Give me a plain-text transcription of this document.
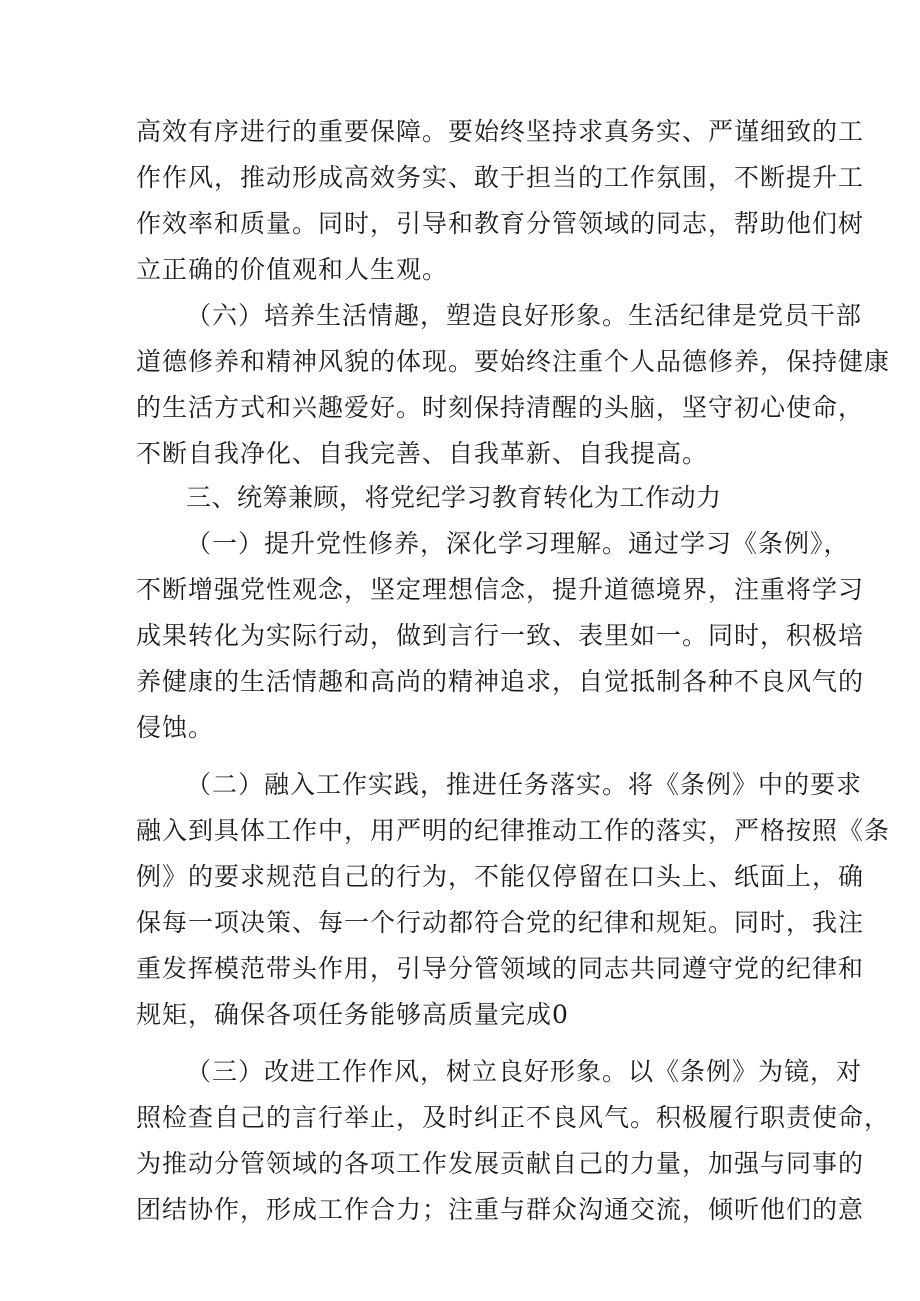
高效有序进行的重要保障。要始终坚持求真务实、严谨细致的工
作作风，推动形成高效务实、敢于担当的工作氛围，不断提升工
作效率和质量。同时，引导和教育分管领域的同志，帮助他们树
立正确的价值观和人生观。
（六）培养生活情趣，塑造良好形象。生活纪律是党员干部
道德修养和精神风貌的体现。要始终注重个人品德修养，保持健康
的生活方式和兴趣爱好。时刻保持清醒的头脑，坚守初心使命，
不断自我净化、自我完善、自我革新、自我提高。
三、统筹兼顾，将党纪学习教育转化为工作动力
（一）提升党性修养，深化学习理解。通过学习《条例》，
不断增强党性观念，坚定理想信念，提升道德境界，注重将学习
成果转化为实际行动，做到言行一致、表里如一。同时，积极培
养健康的生活情趣和高尚的精神追求，自觉抵制各种不良风气的
侵蚀。
（二）融入工作实践，推进任务落实。将《条例》中的要求
融入到具体工作中，用严明的纪律推动工作的落实，严格按照《条
例》的要求规范自己的行为，不能仅停留在口头上、纸面上，确
保每一项决策、每一个行动都符合党的纪律和规矩。同时，我注
重发挥模范带头作用，引导分管领域的同志共同遵守党的纪律和
规矩，确保各项任务能够高质量完成0
（三）改进工作作风，树立良好形象。以《条例》为镜，对
照检查自己的言行举止，及时纠正不良风气。积极履行职责使命，
为推动分管领域的各项工作发展贡献自己的力量，加强与同事的
团结协作，形成工作合力；注重与群众沟通交流，倾听他们的意
